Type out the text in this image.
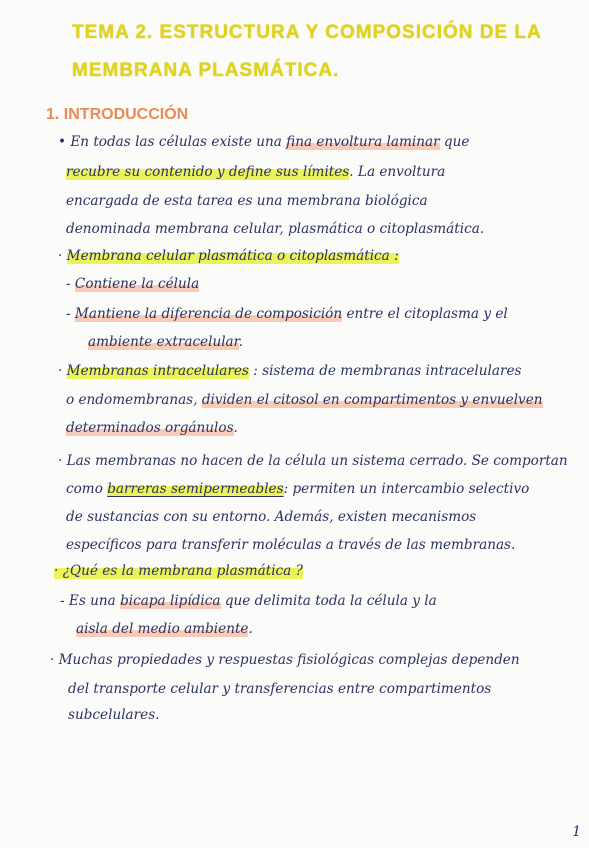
TEMA 2. ESTRUCTURA Y COMPOSICIÓN DE LA
MEMBRANA PLASMÁTICA.
1. INTRODUCCIÓN
• En todas las células existe una fina envoltura laminar que
recubre su contenido y define sus límites. La envoltura
encargada de esta tarea es una membrana biológica
denominada membrana celular, plasmática o citoplasmática.
· Membrana celular plasmática o citoplasmática :
- Contiene la célula
- Mantiene la diferencia de composición entre el citoplasma y el
ambiente extracelular.
· Membranas intracelulares : sistema de membranas intracelulares
o endomembranas, dividen el citosol en compartimentos y envuelven
determinados orgánulos.
· Las membranas no hacen de la célula un sistema cerrado. Se comportan
como barreras semipermeables: permiten un intercambio selectivo
de sustancias con su entorno. Además, existen mecanismos
específicos para transferir moléculas a través de las membranas.
· ¿Qué es la membrana plasmática ?
- Es una bicapa lipídica que delimita toda la célula y la
aisla del medio ambiente.
· Muchas propiedades y respuestas fisiológicas complejas dependen
del transporte celular y transferencias entre compartimentos
subcelulares.
1
